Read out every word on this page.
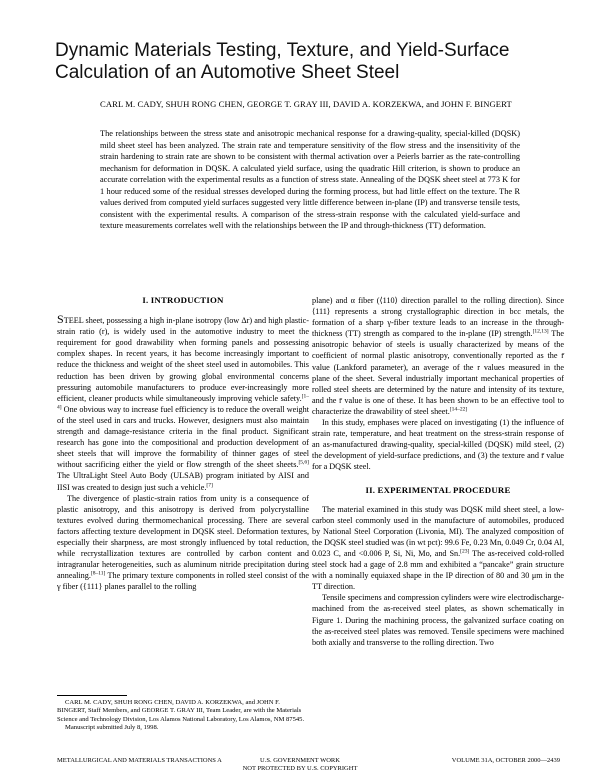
Dynamic Materials Testing, Texture, and Yield-Surface Calculation of an Automotive Sheet Steel
CARL M. CADY, SHUH RONG CHEN, GEORGE T. GRAY III, DAVID A. KORZEKWA, and JOHN F. BINGERT
The relationships between the stress state and anisotropic mechanical response for a drawing-quality, special-killed (DQSK) mild sheet steel has been analyzed. The strain rate and temperature sensitivity of the flow stress and the insensitivity of the strain hardening to strain rate are shown to be consistent with thermal activation over a Peierls barrier as the rate-controlling mechanism for deformation in DQSK. A calculated yield surface, using the quadratic Hill criterion, is shown to produce an accurate correlation with the experimental results as a function of stress state. Annealing of the DQSK sheet steel at 773 K for 1 hour reduced some of the residual stresses developed during the forming process, but had little effect on the texture. The R values derived from computed yield surfaces suggested very little difference between in-plane (IP) and transverse tensile tests, consistent with the experimental results. A comparison of the stress-strain response with the calculated yield-surface and texture measurements correlates well with the relationships between the IP and through-thickness (TT) deformation.
I. INTRODUCTION

STEEL sheet, possessing a high in-plane isotropy (low Δr) and high plastic-strain ratio (r), is widely used in the automotive industry to meet the requirement for good drawability when forming panels and possessing complex shapes. In recent years, it has become increasingly important to reduce the thickness and weight of the sheet steel used in automobiles. This reduction has been driven by growing global environmental concerns pressuring automobile manufacturers to produce ever-increasingly more efficient, cleaner products while simultaneously improving vehicle safety.[1–4] One obvious way to increase fuel efficiency is to reduce the overall weight of the steel used in cars and trucks. However, designers must also maintain strength and damage-resistance criteria in the final product. Significant research has gone into the compositional and production development of sheet steels that will improve the formability of thinner gages of steel without sacrificing either the yield or flow strength of the sheet sheets.[5,6] The UltraLight Steel Auto Body (ULSAB) program initiated by AISI and IISI was created to design just such a vehicle.[7]

The divergence of plastic-strain ratios from unity is a consequence of plastic anisotropy, and this anisotropy is derived from polycrystalline textures evolved during thermomechanical processing. There are several factors affecting texture development in DQSK steel. Deformation textures, especially their sharpness, are most strongly influenced by total reduction, while recrystallization textures are controlled by carbon content and intragranular heterogeneities, such as aluminum nitride precipitation during annealing.[8–11] The primary texture components in rolled steel consist of the γ fiber ({111} planes parallel to the rolling

plane) and α fiber (⟨110⟩ direction parallel to the rolling direction). Since ⟨111⟩ represents a strong crystallographic direction in bcc metals, the formation of a sharp γ-fiber texture leads to an increase in the through-thickness (TT) strength as compared to the in-plane (IP) strength.[12,13] The anisotropic behavior of steels is usually characterized by means of the coefficient of normal plastic anisotropy, conventionally reported as the r̄ value (Lankford parameter), an average of the r values measured in the plane of the sheet. Several industrially important mechanical properties of rolled steel sheets are determined by the nature and intensity of its texture, and the r̄ value is one of these. It has been shown to be an effective tool to characterize the drawability of steel sheet.[14–22]

In this study, emphases were placed on investigating (1) the influence of strain rate, temperature, and heat treatment on the stress-strain response of an as-manufactured drawing-quality, special-killed (DQSK) mild steel, (2) the development of yield-surface predictions, and (3) the texture and r̄ value for a DQSK steel.

II. EXPERIMENTAL PROCEDURE

The material examined in this study was DQSK mild sheet steel, a low-carbon steel commonly used in the manufacture of automobiles, produced by National Steel Corporation (Livonia, MI). The analyzed composition of the DQSK steel studied was (in wt pct): 99.6 Fe, 0.23 Mn, 0.049 Cr, 0.04 Al, 0.023 C, and <0.006 P, Si, Ni, Mo, and Sn.[23] The as-received cold-rolled steel stock had a gage of 2.8 mm and exhibited a “pancake” grain structure with a nominally equiaxed shape in the IP direction of 80 and 30 μm in the TT direction.

Tensile specimens and compression cylinders were wire electrodischarge-machined from the as-received steel plates, as shown schematically in Figure 1. During the machining process, the galvanized surface coating on the as-received steel plates was removed. Tensile specimens were machined both axially and transverse to the rolling direction. Two

CARL M. CADY, SHUH RONG CHEN, DAVID A. KORZEKWA, and JOHN F. BINGERT, Staff Members, and GEORGE T. GRAY III, Team Leader, are with the Materials Science and Technology Division, Los Alamos National Laboratory, Los Alamos, NM 87545.
Manuscript submitted July 8, 1998.
METALLURGICAL AND MATERIALS TRANSACTIONS A	U.S. GOVERNMENT WORK
NOT PROTECTED BY U.S. COPYRIGHT
VOLUME 31A, OCTOBER 2000—2439
